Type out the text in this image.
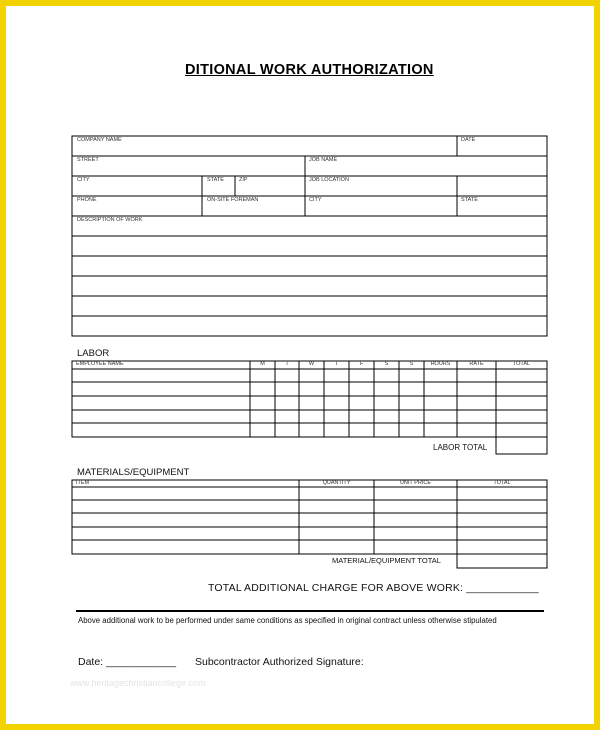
DITIONAL WORK AUTHORIZATION
COMPANY NAME	DATE
STREET	JOB NAME
CITY	STATE	ZIP	JOB LOCATION
PHONE	ON-SITE FOREMAN	CITY	STATE
DESCRIPTION OF WORK
LABOR
EMPLOYEE NAME	M	T	W	T	F	S	S	HOURS	RATE	TOTAL
LABOR TOTAL
MATERIALS/EQUIPMENT
ITEM	QUANTITY	UNIT PRICE	TOTAL
MATERIAL/EQUIPMENT TOTAL
TOTAL ADDITIONAL CHARGE FOR ABOVE WORK: ____________
Above additional work to be performed under same conditions as specified in original contract unless otherwise stipulated
Date: ____________ Subcontractor Authorized Signature:
www.heritagechristiancollege.com
